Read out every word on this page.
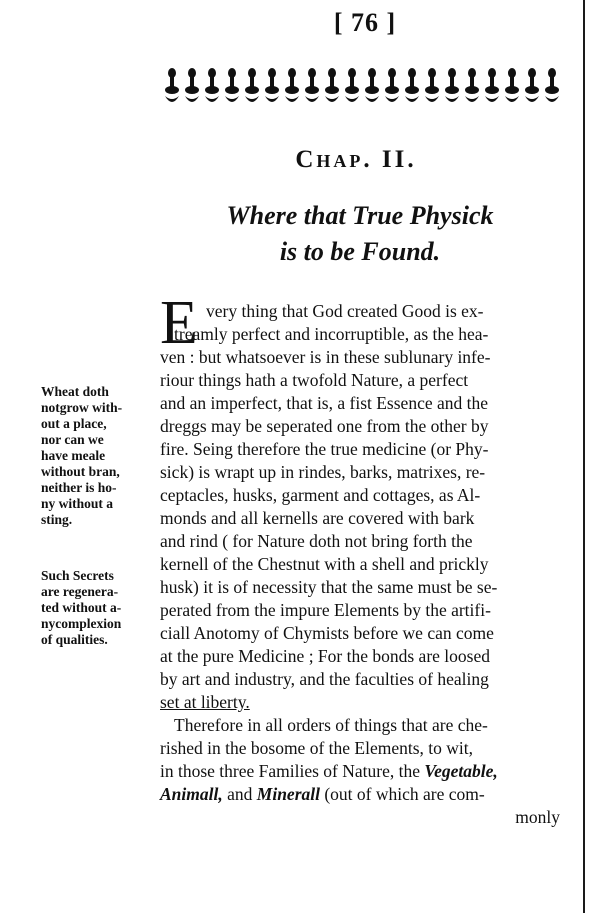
[ 76 ]
Chap. II.
Where that True Physick
is to be Found.
Wheat doth
notgrow with-
out a place,
nor can we
have meale
without bran,
neither is ho-
ny without a
sting.
Such Secrets
are regenera-
ted without a-
nycomplexion
of qualities.
E very thing that God created Good is ex-
treamly perfect and incorruptible, as the hea-
ven : but whatsoever is in these sublunary infe-
riour things hath a twofold Nature, a perfect
and an imperfect, that is, a fist Essence and the
dreggs may be seperated one from the other by
fire. Seing therefore the true medicine (or Phy-
sick) is wrapt up in rindes, barks, matrixes, re-
ceptacles, husks, garment and cottages, as Al-
monds and all kernells are covered with bark
and rind ( for Nature doth not bring forth the
kernell of the Chestnut with a shell and prickly
husk) it is of necessity that the same must be se-
perated from the impure Elements by the artifi-
ciall Anotomy of Chymists before we can come
at the pure Medicine ; For the bonds are loosed
by art and industry, and the faculties of healing
set at liberty.
Therefore in all orders of things that are che-
rished in the bosome of the Elements, to wit,
in those three Families of Nature, the Vegetable,
Animall, and Minerall (out of which are com-
monly
